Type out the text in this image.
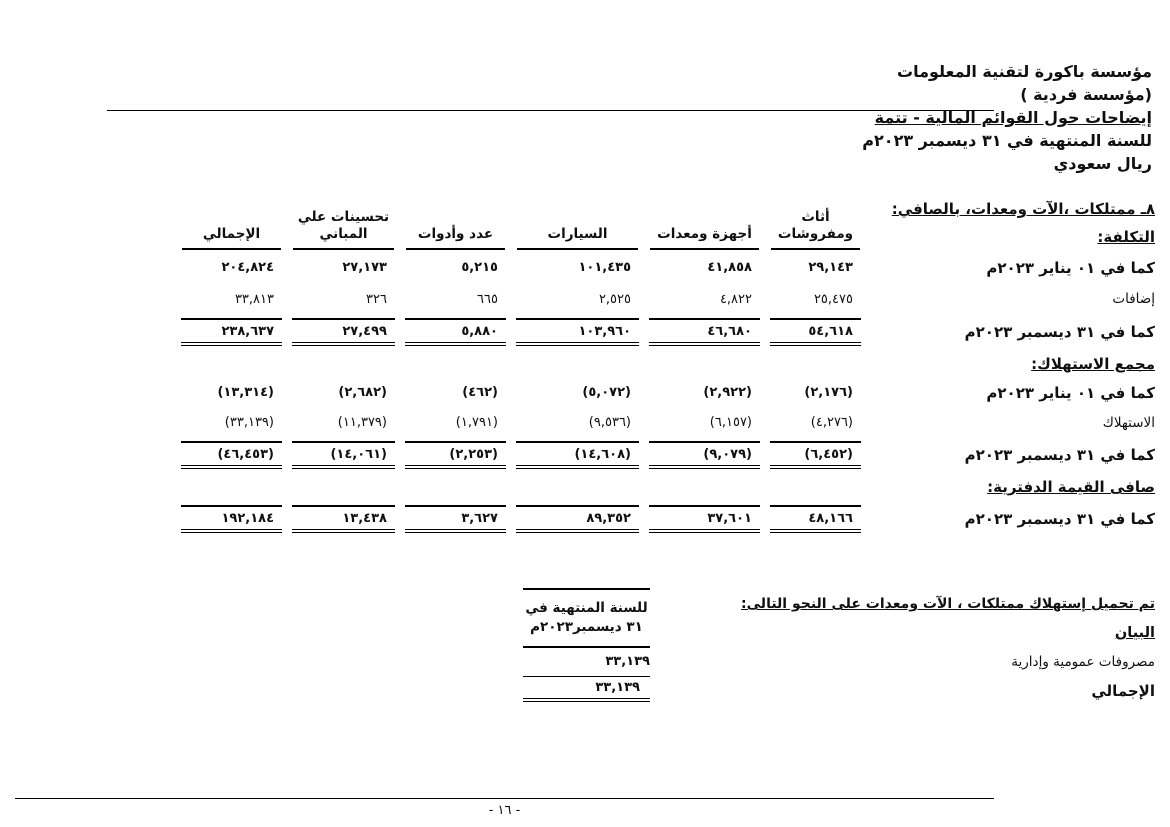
مؤسسة باكورة لتقنية المعلومات
(مؤسسة فردية )
إيضاحات حول القوائم المالية - تتمة
للسنة المنتهية في ٣١ ديسمبر ٢٠٢٣م
ريال سعودي
٨ـ ممتلكات ،الآت ومعدات، بالصافي:
التكلفة:	أثاث ومفروشات	أجهزة ومعدات	السيارات	عدد وأدوات	تحسينات علي المباني	الإجمالي

كما في ٠١ يناير ٢٠٢٣م	٢٩,١٤٣	٤١,٨٥٨	١٠١,٤٣٥	٥,٢١٥	٢٧,١٧٣	٢٠٤,٨٢٤

إضافات	٢٥,٤٧٥	٤,٨٢٢	٢,٥٢٥	٦٦٥	٣٢٦	٣٣,٨١٣

كما في ٣١ ديسمبر ٢٠٢٣م	٥٤,٦١٨	٤٦,٦٨٠	١٠٣,٩٦٠	٥,٨٨٠	٢٧,٤٩٩	٢٣٨,٦٣٧

مجمع الاستهلاك:						
كما في ٠١ يناير ٢٠٢٣م	(٢,١٧٦)	(٢,٩٢٢)	(٥,٠٧٢)	(٤٦٢)	(٢,٦٨٢)	(١٣,٣١٤)

الاستهلاك	(٤,٢٧٦)	(٦,١٥٧)	(٩,٥٣٦)	(١,٧٩١)	(١١,٣٧٩)	(٣٣,١٣٩)

كما في ٣١ ديسمبر ٢٠٢٣م	(٦,٤٥٢)	(٩,٠٧٩)	(١٤,٦٠٨)	(٢,٢٥٣)	(١٤,٠٦١)	(٤٦,٤٥٣)

صافى القيمة الدفترية:						
كما في ٣١ ديسمبر ٢٠٢٣م	٤٨,١٦٦	٣٧,٦٠١	٨٩,٣٥٢	٣,٦٢٧	١٣,٤٣٨	١٩٢,١٨٤
تم تحميل إستهلاك ممتلكات ، الآت ومعدات على النحو التالى:	للسنة المنتهية في
٣١ ديسمبر٢٠٢٣م	

البيان		
مصروفات عمومية وإدارية	٣٣,١٣٩	
الإجمالي	٣٣,١٣٩	
- ١٦ -
